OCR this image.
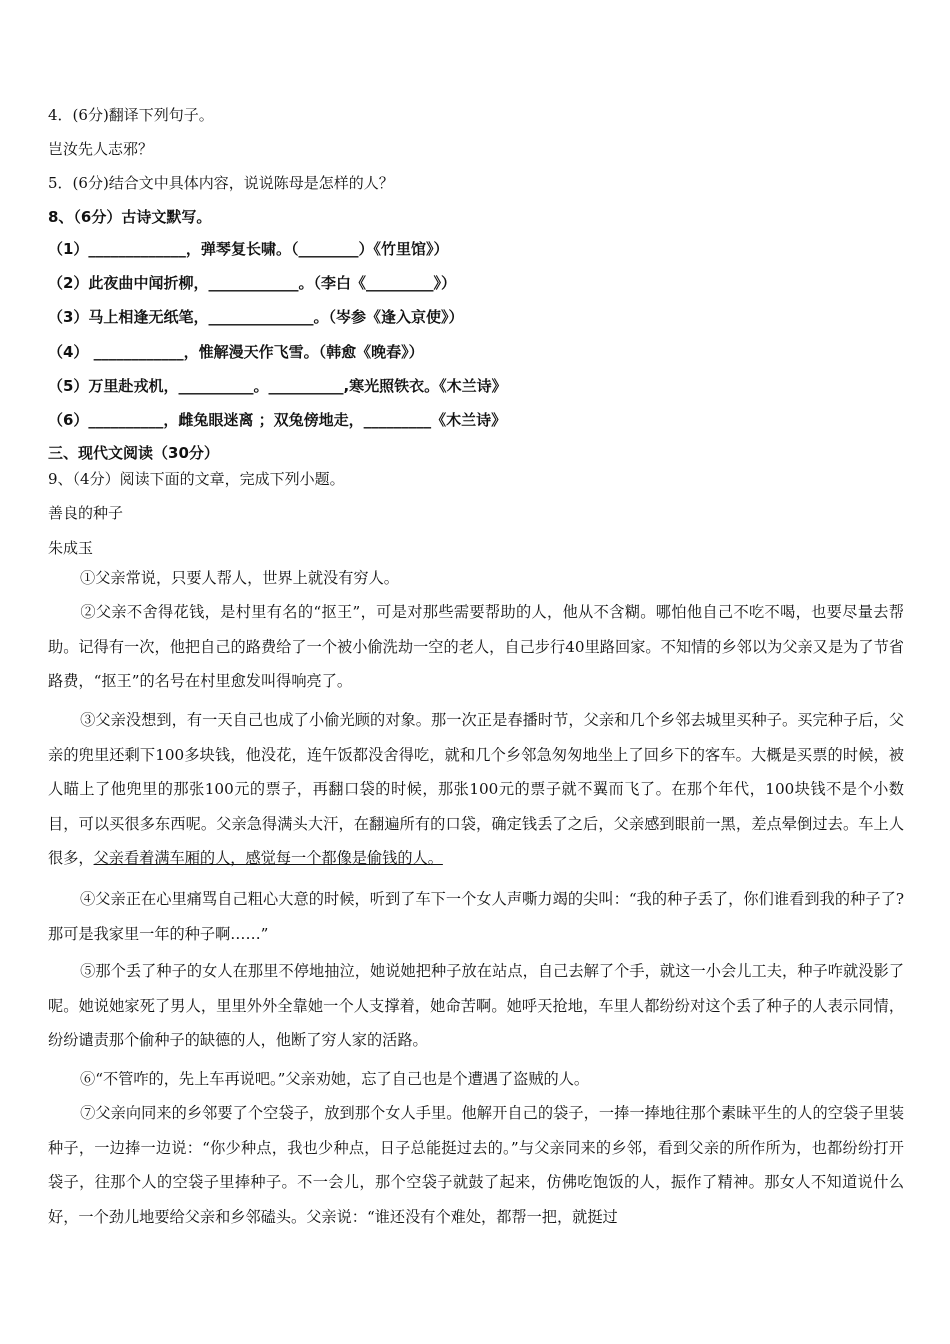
4．(6分)翻译下列句子。
岂汝先人志邪？
5．(6分)结合文中具体内容，说说陈母是怎样的人？
8、（6分）古诗文默写。
（1）_____________，弹琴复长啸。（________）《竹里馆》）
（2）此夜曲中闻折柳，____________。（李白《_________》）
（3）马上相逢无纸笔，______________。（岑参《逢入京使》）
（4） ____________，惟解漫天作飞雪。（韩愈《晚春》）
（5）万里赴戎机，__________。__________,寒光照铁衣。《木兰诗》
（6）__________，雌兔眼迷离 ；双兔傍地走，_________《木兰诗》
三、现代文阅读（30分）
9、（4分）阅读下面的文章，完成下列小题。
善良的种子
朱成玉
①父亲常说，只要人帮人，世界上就没有穷人。
②父亲不舍得花钱，是村里有名的“抠王”，可是对那些需要帮助的人，他从不含糊。哪怕他自己不吃不喝，也要尽量去帮助。记得有一次，他把自己的路费给了一个被小偷洗劫一空的老人，自己步行40里路回家。不知情的乡邻以为父亲又是为了节省路费，“抠王”的名号在村里愈发叫得响亮了。
③父亲没想到，有一天自己也成了小偷光顾的对象。那一次正是春播时节，父亲和几个乡邻去城里买种子。买完种子后，父亲的兜里还剩下100多块钱，他没花，连午饭都没舍得吃，就和几个乡邻急匆匆地坐上了回乡下的客车。大概是买票的时候，被人瞄上了他兜里的那张100元的票子，再翻口袋的时候，那张100元的票子就不翼而飞了。在那个年代，100块钱不是个小数目，可以买很多东西呢。父亲急得满头大汗，在翻遍所有的口袋，确定钱丢了之后，父亲感到眼前一黑，差点晕倒过去。车上人很多，父亲看着满车厢的人，感觉每一个都像是偷钱的人。
④父亲正在心里痛骂自己粗心大意的时候，听到了车下一个女人声嘶力竭的尖叫：“我的种子丢了，你们谁看到我的种子了?那可是我家里一年的种子啊……”
⑤那个丢了种子的女人在那里不停地抽泣，她说她把种子放在站点，自己去解了个手，就这一小会儿工夫，种子咋就没影了呢。她说她家死了男人，里里外外全靠她一个人支撑着，她命苦啊。她呼天抢地，车里人都纷纷对这个丢了种子的人表示同情，纷纷谴责那个偷种子的缺德的人，他断了穷人家的活路。
⑥“不管咋的，先上车再说吧。”父亲劝她，忘了自己也是个遭遇了盗贼的人。
⑦父亲向同来的乡邻要了个空袋子，放到那个女人手里。他解开自己的袋子，一捧一捧地往那个素昧平生的人的空袋子里装种子，一边捧一边说：“你少种点，我也少种点，日子总能挺过去的。”与父亲同来的乡邻，看到父亲的所作所为，也都纷纷打开袋子，往那个人的空袋子里捧种子。不一会儿，那个空袋子就鼓了起来，仿佛吃饱饭的人，振作了精神。那女人不知道说什么好，一个劲儿地要给父亲和乡邻磕头。父亲说：“谁还没有个难处，都帮一把，就挺过
